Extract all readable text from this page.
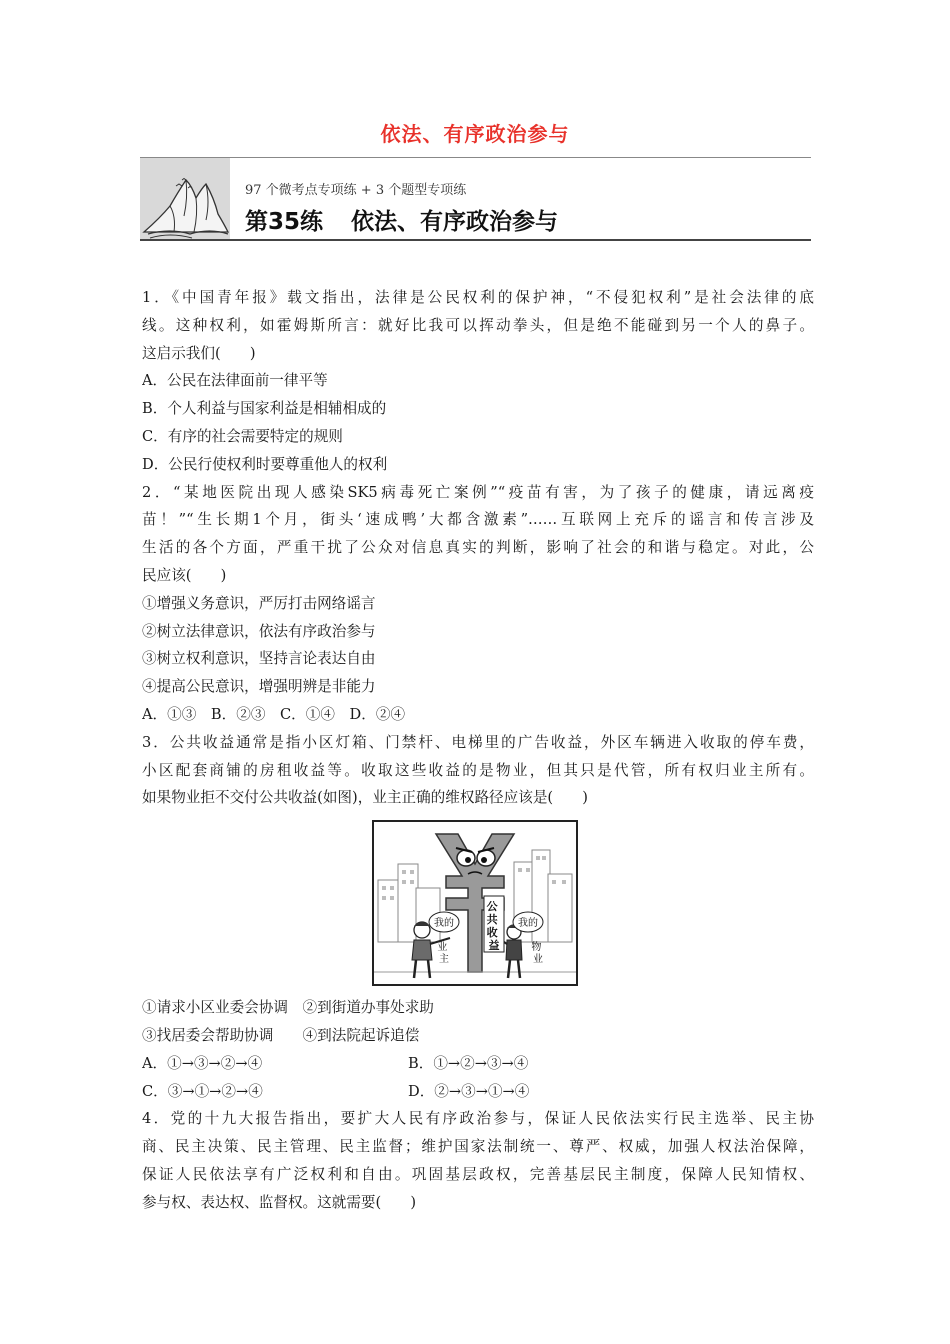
依法、有序政治参与
97 个微考点专项练 + 3 个题型专项练
第35练 依法、有序政治参与
1．《中国青年报》载文指出，法律是公民权利的保护神，“不侵犯权利”是社会法律的底
线。这种权利，如霍姆斯所言：就好比我可以挥动拳头，但是绝不能碰到另一个人的鼻子。
这启示我们(　　)
A．公民在法律面前一律平等
B．个人利益与国家利益是相辅相成的
C．有序的社会需要特定的规则
D．公民行使权利时要尊重他人的权利
2．“某地医院出现人感染SK5病毒死亡案例”“疫苗有害，为了孩子的健康，请远离疫
苗！”“生长期1个月，街头‘速成鸭’大都含激素”……互联网上充斥的谣言和传言涉及
生活的各个方面，严重干扰了公众对信息真实的判断，影响了社会的和谐与稳定。对此，公
民应该(　　)
①增强义务意识，严厉打击网络谣言
②树立法律意识，依法有序政治参与
③树立权利意识，坚持言论表达自由
④提高公民意识，增强明辨是非能力
A．①③　B．②③　C．①④　D．②④
3．公共收益通常是指小区灯箱、门禁杆、电梯里的广告收益，外区车辆进入收取的停车费，
小区配套商铺的房租收益等。收取这些收益的是物业，但其只是代管，所有权归业主所有。
如果物业拒不交付公共收益(如图)，业主正确的维权路径应该是(　　)
我的	我的
公 共 收 益
业 主
物 业
①请求小区业委会协调　②到街道办事处求助
③找居委会帮助协调　　④到法院起诉追偿
A．①→③→②→④	B．①→②→③→④
C．③→①→②→④	D．②→③→①→④
4．党的十九大报告指出，要扩大人民有序政治参与，保证人民依法实行民主选举、民主协
商、民主决策、民主管理、民主监督；维护国家法制统一、尊严、权威，加强人权法治保障，
保证人民依法享有广泛权利和自由。巩固基层政权，完善基层民主制度，保障人民知情权、
参与权、表达权、监督权。这就需要(　　)
